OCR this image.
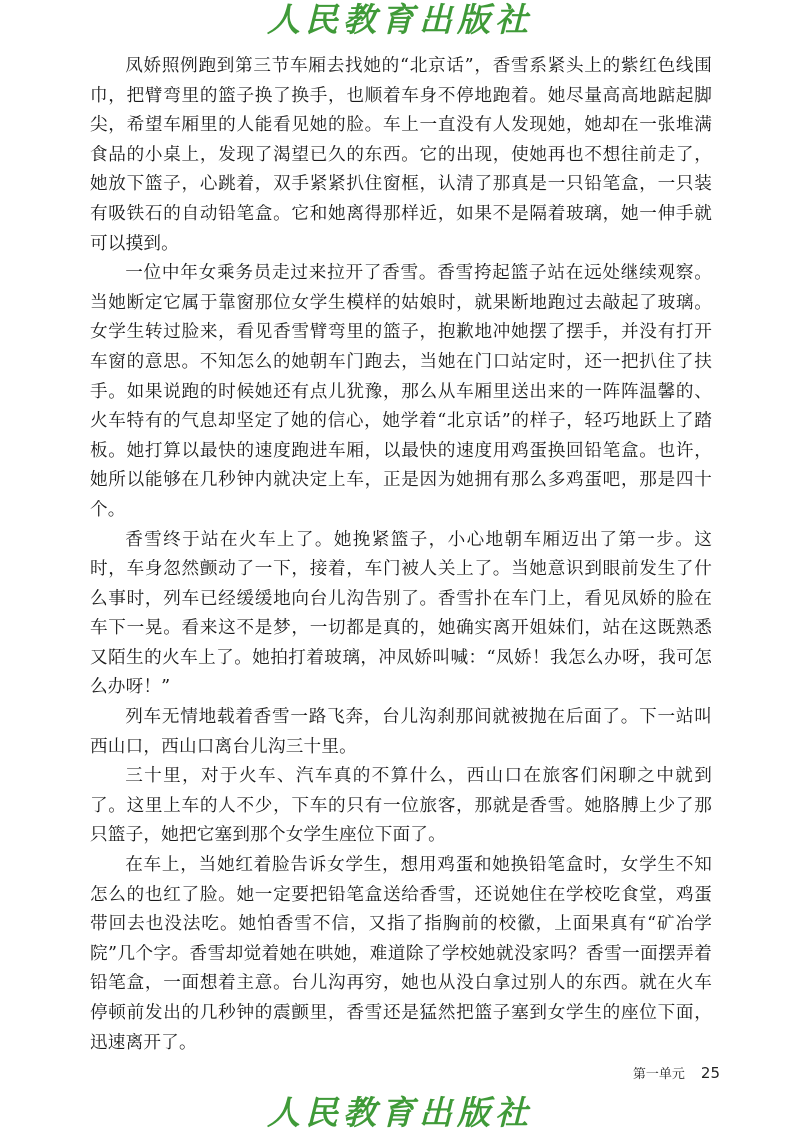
人民教育出版社

凤娇照例跑到第三节车厢去找她的“北京话”，香雪系紧头上的紫红色线围巾，把臂弯里的篮子换了换手，也顺着车身不停地跑着。她尽量高高地踮起脚尖，希望车厢里的人能看见她的脸。车上一直没有人发现她，她却在一张堆满食品的小桌上，发现了渴望已久的东西。它的出现，使她再也不想往前走了，她放下篮子，心跳着，双手紧紧扒住窗框，认清了那真是一只铅笔盒，一只装有吸铁石的自动铅笔盒。它和她离得那样近，如果不是隔着玻璃，她一伸手就可以摸到。

一位中年女乘务员走过来拉开了香雪。香雪挎起篮子站在远处继续观察。当她断定它属于靠窗那位女学生模样的姑娘时，就果断地跑过去敲起了玻璃。女学生转过脸来，看见香雪臂弯里的篮子，抱歉地冲她摆了摆手，并没有打开车窗的意思。不知怎么的她朝车门跑去，当她在门口站定时，还一把扒住了扶手。如果说跑的时候她还有点儿犹豫，那么从车厢里送出来的一阵阵温馨的、火车特有的气息却坚定了她的信心，她学着“北京话”的样子，轻巧地跃上了踏板。她打算以最快的速度跑进车厢，以最快的速度用鸡蛋换回铅笔盒。也许，她所以能够在几秒钟内就决定上车，正是因为她拥有那么多鸡蛋吧，那是四十个。

香雪终于站在火车上了。她挽紧篮子，小心地朝车厢迈出了第一步。这时，车身忽然颤动了一下，接着，车门被人关上了。当她意识到眼前发生了什么事时，列车已经缓缓地向台儿沟告别了。香雪扑在车门上，看见凤娇的脸在车下一晃。看来这不是梦，一切都是真的，她确实离开姐妹们，站在这既熟悉又陌生的火车上了。她拍打着玻璃，冲凤娇叫喊：“凤娇！我怎么办呀，我可怎么办呀！”

列车无情地载着香雪一路飞奔，台儿沟刹那间就被抛在后面了。下一站叫西山口，西山口离台儿沟三十里。

三十里，对于火车、汽车真的不算什么，西山口在旅客们闲聊之中就到了。这里上车的人不少，下车的只有一位旅客，那就是香雪。她胳膊上少了那只篮子，她把它塞到那个女学生座位下面了。

在车上，当她红着脸告诉女学生，想用鸡蛋和她换铅笔盒时，女学生不知怎么的也红了脸。她一定要把铅笔盒送给香雪，还说她住在学校吃食堂，鸡蛋带回去也没法吃。她怕香雪不信，又指了指胸前的校徽，上面果真有“矿冶学院”几个字。香雪却觉着她在哄她，难道除了学校她就没家吗？香雪一面摆弄着铅笔盒，一面想着主意。台儿沟再穷，她也从没白拿过别人的东西。就在火车停顿前发出的几秒钟的震颤里，香雪还是猛然把篮子塞到女学生的座位下面，迅速离开了。

第一单元 25
人民教育出版社
